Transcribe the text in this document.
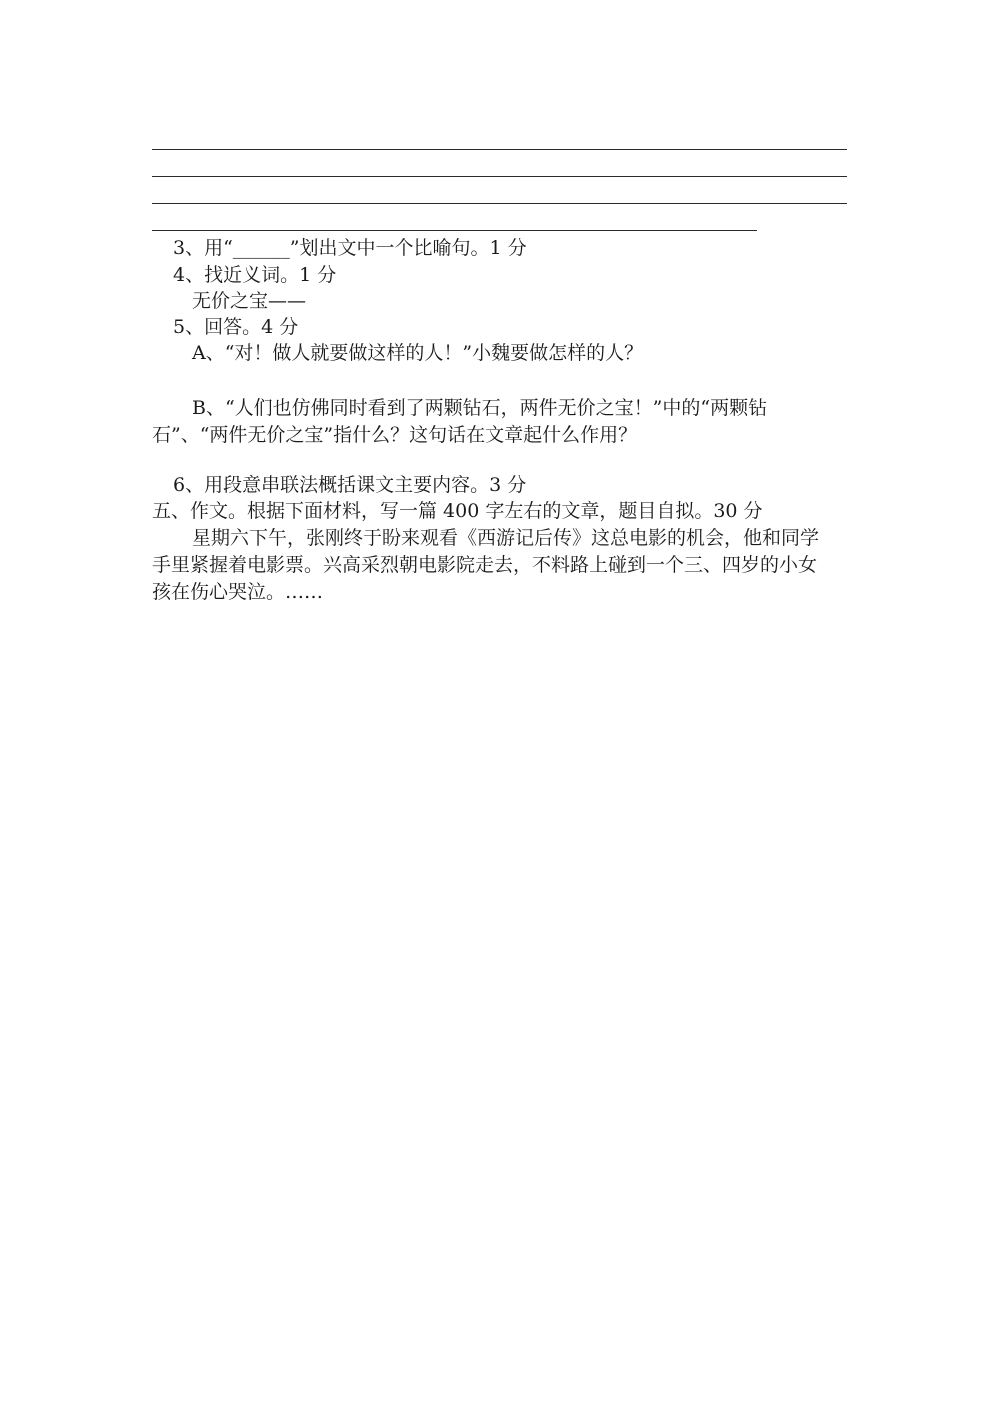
3、用“______”划出文中一个比喻句。1 分
4、找近义词。1 分
无价之宝——
5、回答。4 分
A、“对！做人就要做这样的人！”小魏要做怎样的人？
B、“人们也仿佛同时看到了两颗钻石，两件无价之宝！”中的“两颗钻
石”、“两件无价之宝”指什么？这句话在文章起什么作用？
6、用段意串联法概括课文主要内容。3 分
五、作文。根据下面材料，写一篇 400 字左右的文章，题目自拟。30 分
星期六下午，张刚终于盼来观看《西游记后传》这总电影的机会，他和同学
手里紧握着电影票。兴高采烈朝电影院走去，不料路上碰到一个三、四岁的小女
孩在伤心哭泣。……
